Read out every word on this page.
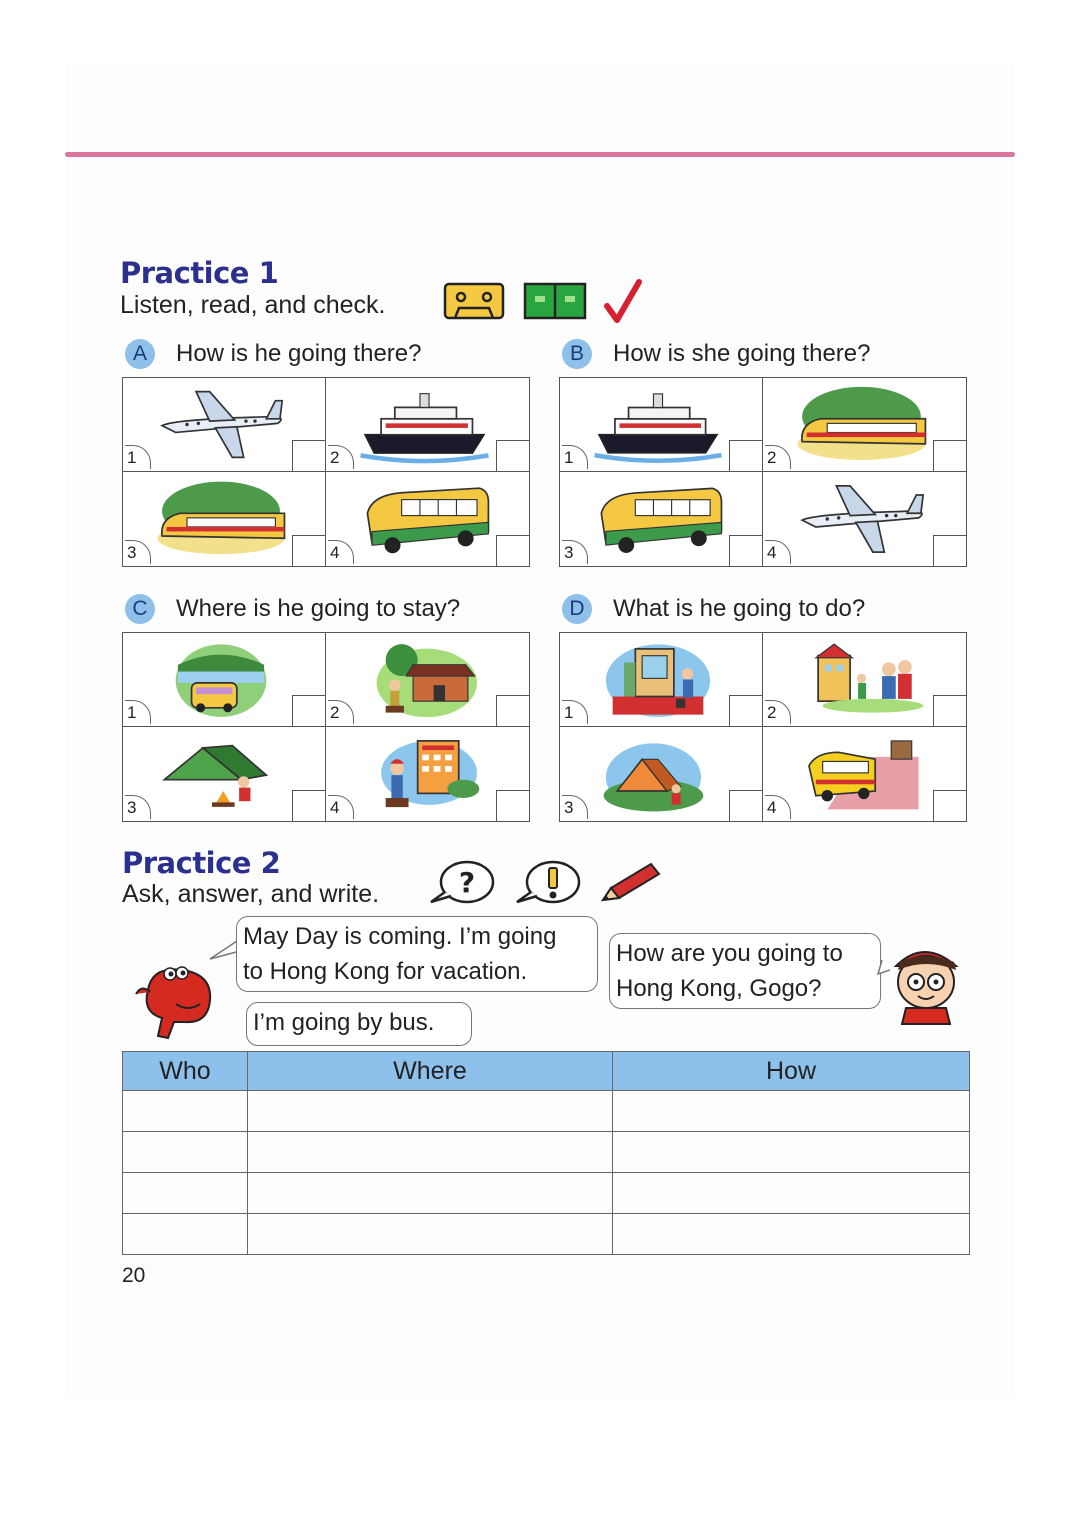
Practice 1
Listen, read, and check.
A	How is he going there?
1	2
3	4
B	How is she going there?
1	2
3	4
C	Where is he going to stay?
1	2
3	4
D	What is he going to do?
1	2
3	4
Practice 2
Ask, answer, and write.	?
May Day is coming. I’m going
to Hong Kong for vacation.
I’m going by bus.
How are you going to
Hong Kong, Gogo?
Who	Where	How

20
